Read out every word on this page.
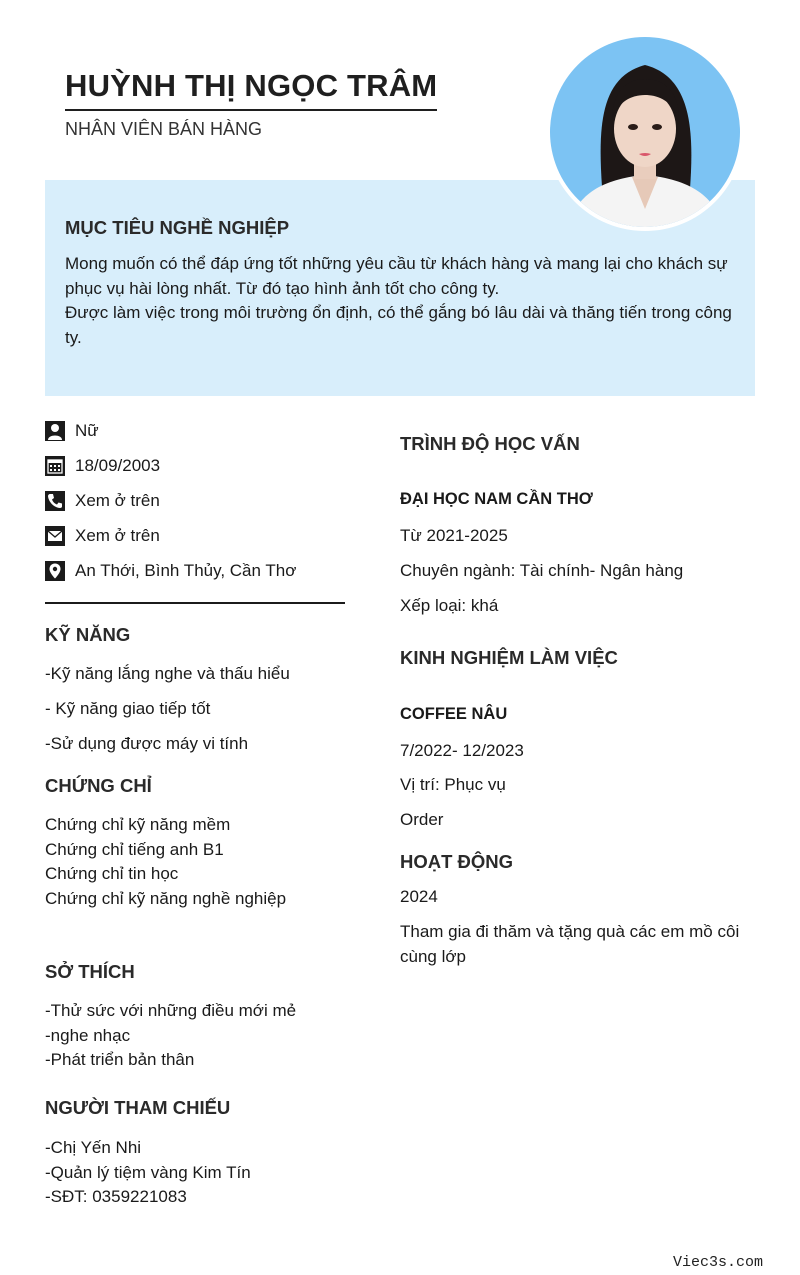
HUỲNH THỊ NGỌC TRÂM
NHÂN VIÊN BÁN HÀNG
MỤC TIÊU NGHỀ NGHIỆP
Mong muốn có thể đáp ứng tốt những yêu cầu từ khách hàng và mang lại cho khách sự phục vụ hài lòng nhất. Từ đó tạo hình ảnh tốt cho công ty.
Được làm việc trong môi trường ổn định, có thể gắng bó lâu dài và thăng tiến trong công ty.
Nữ
18/09/2003
Xem ở trên
Xem ở trên
An Thới, Bình Thủy, Cần Thơ
KỸ NĂNG
-Kỹ năng lắng nghe và thấu hiểu
- Kỹ năng giao tiếp tốt
-Sử dụng được máy vi tính
CHỨNG CHỈ
Chứng chỉ kỹ năng mềm
Chứng chỉ tiếng anh B1
Chứng chỉ tin học
Chứng chỉ kỹ năng nghề nghiệp
SỞ THÍCH
-Thử sức với những điều mới mẻ
-nghe nhạc
-Phát triển bản thân
NGƯỜI THAM CHIẾU
-Chị Yến Nhi
-Quản lý tiệm vàng Kim Tín
-SĐT: 0359221083
TRÌNH ĐỘ HỌC VẤN
ĐẠI HỌC NAM CẦN THƠ
Từ 2021-2025
Chuyên ngành: Tài chính- Ngân hàng
Xếp loại: khá
KINH NGHIỆM LÀM VIỆC
COFFEE NÂU
7/2022- 12/2023
Vị trí: Phục vụ
Order
HOẠT ĐỘNG
2024
Tham gia đi thăm và tặng quà các em mồ côi cùng lớp
Viec3s.com
